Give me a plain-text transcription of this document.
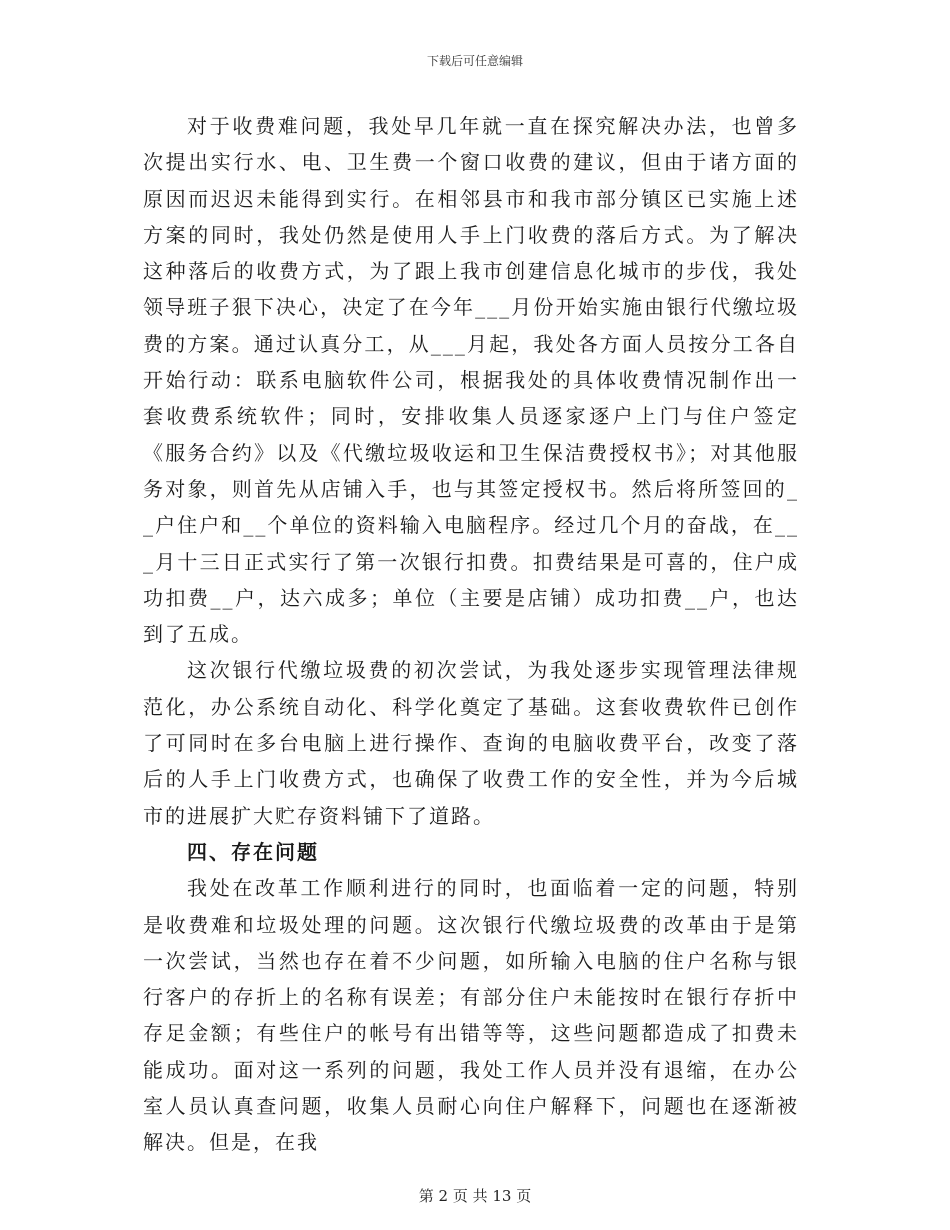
下载后可任意编辑

对于收费难问题，我处早几年就一直在探究解决办法，也曾多次提出实行水、电、卫生费一个窗口收费的建议，但由于诸方面的原因而迟迟未能得到实行。在相邻县市和我市部分镇区已实施上述方案的同时，我处仍然是使用人手上门收费的落后方式。为了解决这种落后的收费方式，为了跟上我市创建信息化城市的步伐，我处领导班子狠下决心，决定了在今年___月份开始实施由银行代缴垃圾费的方案。通过认真分工，从___月起，我处各方面人员按分工各自开始行动：联系电脑软件公司，根据我处的具体收费情况制作出一套收费系统软件；同时，安排收集人员逐家逐户上门与住户签定《服务合约》以及《代缴垃圾收运和卫生保洁费授权书》；对其他服务对象，则首先从店铺入手，也与其签定授权书。然后将所签回的__户住户和__个单位的资料输入电脑程序。经过几个月的奋战，在___月十三日正式实行了第一次银行扣费。扣费结果是可喜的，住户成功扣费__户，达六成多；单位（主要是店铺）成功扣费__户，也达到了五成。

这次银行代缴垃圾费的初次尝试，为我处逐步实现管理法律规范化，办公系统自动化、科学化奠定了基础。这套收费软件已创作了可同时在多台电脑上进行操作、查询的电脑收费平台，改变了落后的人手上门收费方式，也确保了收费工作的安全性，并为今后城市的进展扩大贮存资料铺下了道路。

四、存在问题

我处在改革工作顺利进行的同时，也面临着一定的问题，特别是收费难和垃圾处理的问题。这次银行代缴垃圾费的改革由于是第一次尝试，当然也存在着不少问题，如所输入电脑的住户名称与银行客户的存折上的名称有误差；有部分住户未能按时在银行存折中存足金额；有些住户的帐号有出错等等，这些问题都造成了扣费未能成功。面对这一系列的问题，我处工作人员并没有退缩，在办公室人员认真查问题，收集人员耐心向住户解释下，问题也在逐渐被解决。但是，在我

第 2 页 共 13 页
